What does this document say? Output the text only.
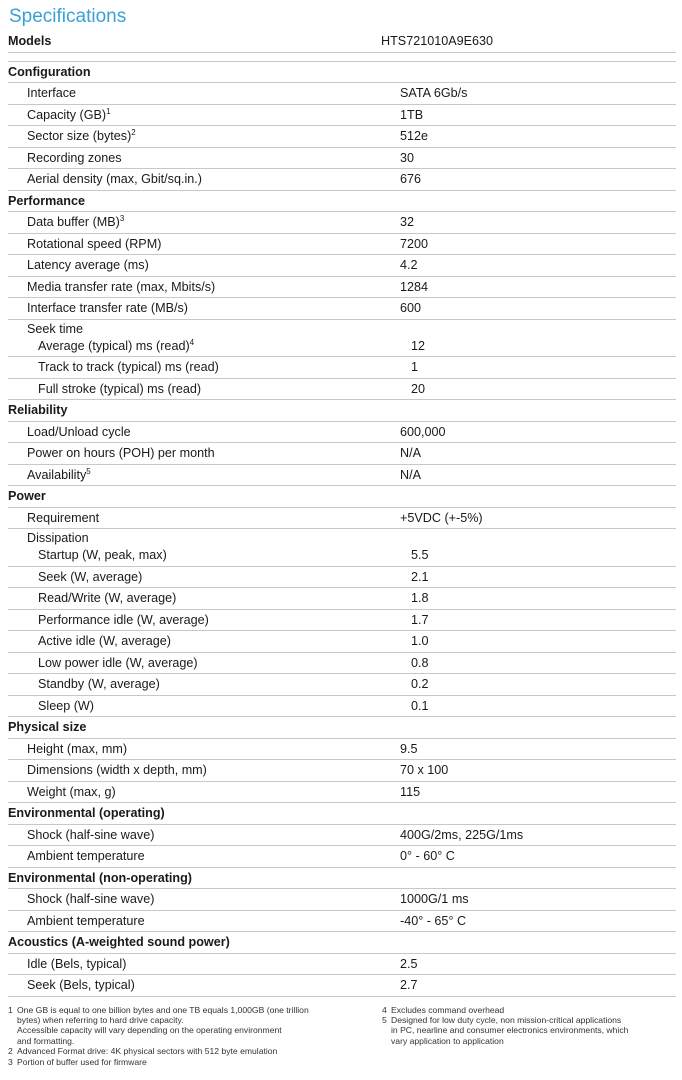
Specifications
Models	HTS721010A9E630
Configuration
Interface	SATA 6Gb/s
Capacity (GB)$^1$	1TB
Sector size (bytes)$^2$	512e
Recording zones	30
Aerial density (max, Gbit/sq.in.)	676
Performance
Data buffer (MB)$^3$	32
Rotational speed (RPM)	7200
Latency average (ms)	4.2
Media transfer rate (max, Mbits/s)	1284
Interface transfer rate (MB/s)	600
Seek time
Average (typical) ms (read)$^4$	12
Track to track (typical) ms (read)	1
Full stroke (typical) ms (read)	20
Reliability
Load/Unload cycle	600,000
Power on hours (POH) per month	N/A
Availability$^5$	N/A
Power
Requirement	+5VDC (+-5%)
Dissipation
Startup (W, peak, max)	5.5
Seek (W, average)	2.1
Read/Write (W, average)	1.8
Performance idle (W, average)	1.7
Active idle (W, average)	1.0
Low power idle (W, average)	0.8
Standby (W, average)	0.2
Sleep (W)	0.1
Physical size
Height (max, mm)	9.5
Dimensions (width x depth, mm)	70 x 100
Weight (max, g)	115
Environmental (operating)
Shock (half-sine wave)	400G/2ms, 225G/1ms
Ambient temperature	0° - 60° C
Environmental (non-operating)
Shock (half-sine wave)	1000G/1 ms
Ambient temperature	-40° - 65° C
Acoustics (A-weighted sound power)
Idle (Bels, typical)	2.5
Seek (Bels, typical)	2.7
1 One GB is equal to one billion bytes and one TB equals 1,000GB (one trillion
bytes) when referring to hard drive capacity.
Accessible capacity will vary depending on the operating environment
and formatting.
2 Advanced Format drive: 4K physical sectors with 512 byte emulation
3 Portion of buffer used for firmware
4 Excludes command overhead
5 Designed for low duty cycle, non mission-critical applications
in PC, nearline and consumer electronics environments, which
vary application to application
